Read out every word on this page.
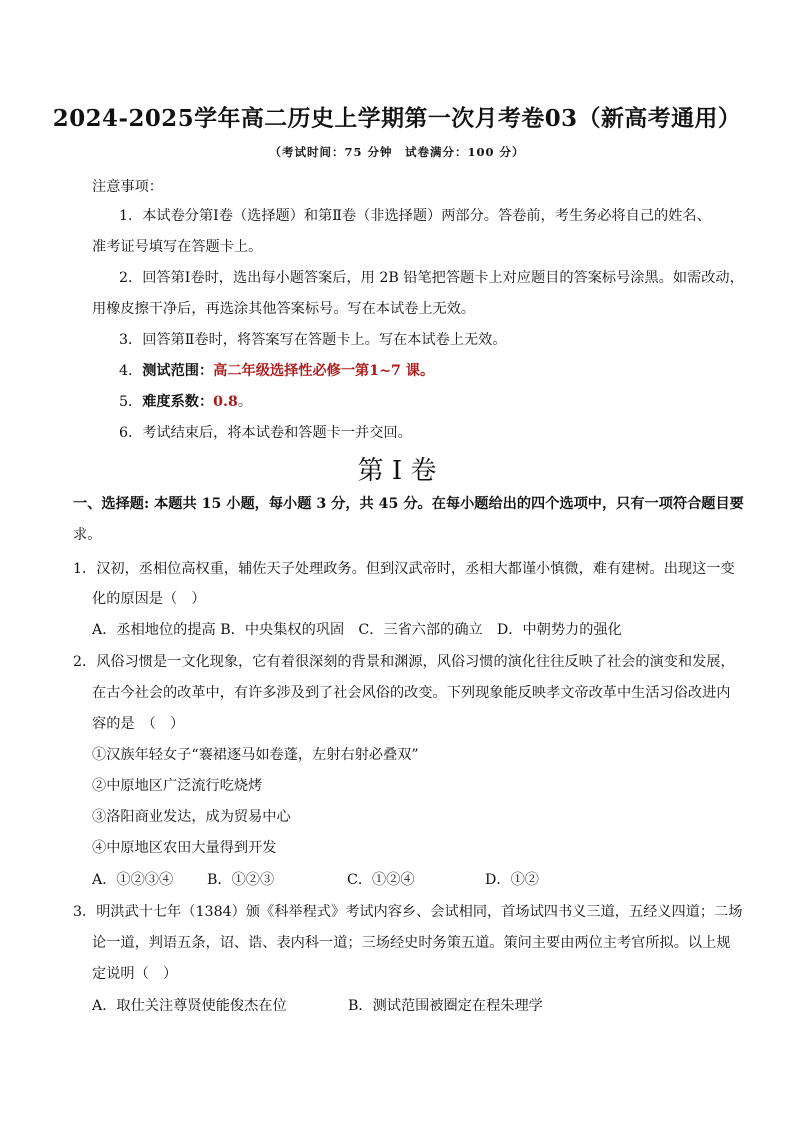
2024-2025学年高二历史上学期第一次月考卷03（新高考通用）
（考试时间：75 分钟　试卷满分：100 分）
注意事项：
1．本试卷分第Ⅰ卷（选择题）和第Ⅱ卷（非选择题）两部分。答卷前，考生务必将自己的姓名、
准考证号填写在答题卡上。
2．回答第Ⅰ卷时，选出每小题答案后，用 2B 铅笔把答题卡上对应题目的答案标号涂黑。如需改动，
用橡皮擦干净后，再选涂其他答案标号。写在本试卷上无效。
3．回答第Ⅱ卷时，将答案写在答题卡上。写在本试卷上无效。
4．测试范围：高二年级选择性必修一第1~7 课。
5．难度系数：0.8。
6．考试结束后，将本试卷和答题卡一并交回。
第 I 卷
一、选择题: 本题共 15 小题，每小题 3 分，共 45 分。在每小题给出的四个选项中，只有一项符合题目要
求。
1．汉初，丞相位高权重，辅佐天子处理政务。但到汉武帝时，丞相大都谨小慎微，难有建树。出现这一变
化的原因是（　）
A．丞相地位的提高 B．中央集权的巩固　C．三省六部的确立　D．中朝势力的强化
2．风俗习惯是一文化现象，它有着很深刻的背景和渊源，风俗习惯的演化往往反映了社会的演变和发展，
在古今社会的改革中，有许多涉及到了社会风俗的改变。下列现象能反映孝文帝改革中生活习俗改进内
容的是　（　）
①汉族年轻女子“褰裙逐马如卷蓬，左射右射必叠双”
②中原地区广泛流行吃烧烤
③洛阳商业发达，成为贸易中心
④中原地区农田大量得到开发
A．①②③④ B．①②③	C．①②④	D．①②
3．明洪武十七年（1384）颁《科举程式》考试内容乡、会试相同，首场试四书义三道，五经义四道；二场
论一道，判语五条，诏、诰、表内科一道；三场经史时务策五道。策问主要由两位主考官所拟。以上规
定说明（　）
A．取仕关注尊贤使能俊杰在位	B．测试范围被圈定在程朱理学
